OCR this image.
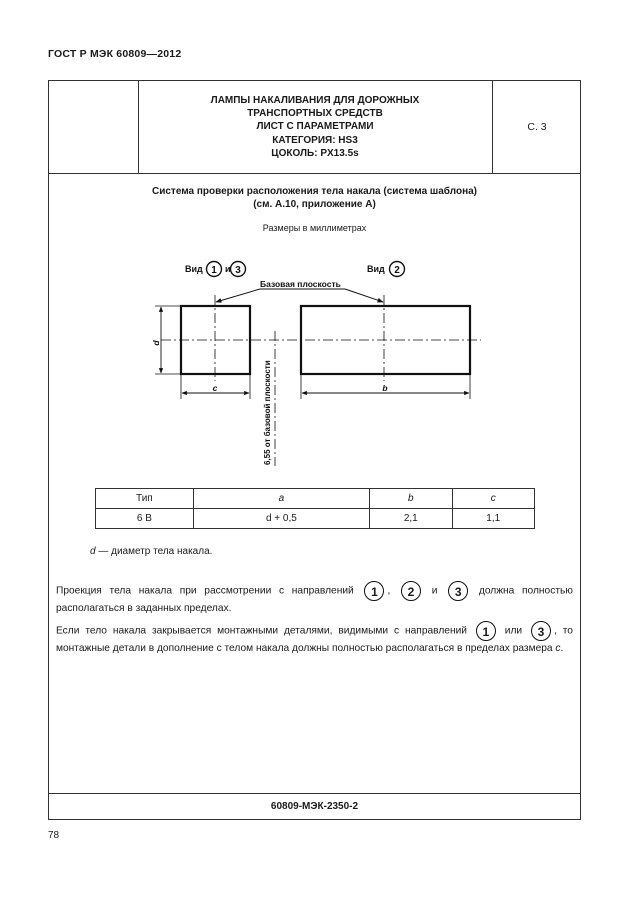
ГОСТ Р МЭК 60809—2012
ЛАМПЫ НАКАЛИВАНИЯ ДЛЯ ДОРОЖНЫХ
ТРАНСПОРТНЫХ СРЕДСТВ
ЛИСТ С ПАРАМЕТРАМИ
КАТЕГОРИЯ: HS3
ЦОКОЛЬ: PX13.5s
С. 3
Система проверки расположения тела накала (система шаблона)
(см. А.10, приложение А)
Размеры в миллиметрах
Вид 1 и 3	Вид 2
Базовая плоскость
d
c	b
6,55 от базовой плоскости
Тип	a	b	c
6 В	d + 0,5	2,1	1,1
d — диаметр тела накала.
Проекция тела накала при рассмотрении с направлений 1 , 2 и 3 должна полностью располагаться в заданных пределах.
Если тело накала закрывается монтажными деталями, видимыми с направлений 1 или 3 , то монтажные детали в дополнение с телом накала должны полностью располагаться в пределах размера c.
60809-МЭК-2350-2
78
